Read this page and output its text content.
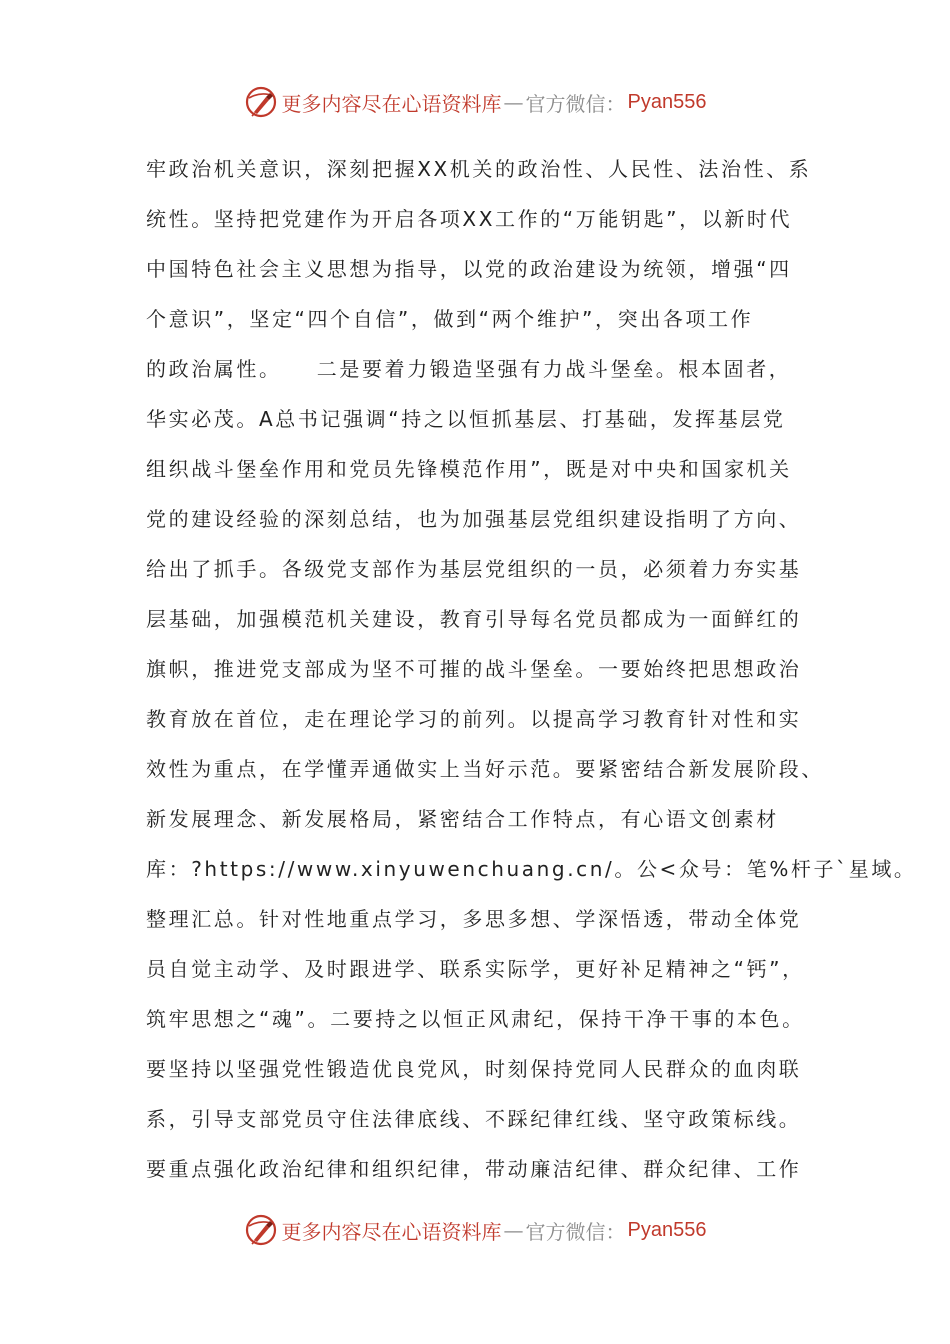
更多内容尽在心语资料库 — 官方微信： Pyan556
牢政治机关意识，深刻把握XX机关的政治性、人民性、法治性、系
统性。坚持把党建作为开启各项XX工作的“万能钥匙”，以新时代
中国特色社会主义思想为指导，以党的政治建设为统领，增强“四
个意识”，坚定“四个自信”，做到“两个维护”，突出各项工作
的政治属性。　　二是要着力锻造坚强有力战斗堡垒。根本固者，
华实必茂。A总书记强调“持之以恒抓基层、打基础，发挥基层党
组织战斗堡垒作用和党员先锋模范作用”，既是对中央和国家机关
党的建设经验的深刻总结，也为加强基层党组织建设指明了方向、
给出了抓手。各级党支部作为基层党组织的一员，必须着力夯实基
层基础，加强模范机关建设，教育引导每名党员都成为一面鲜红的
旗帜，推进党支部成为坚不可摧的战斗堡垒。一要始终把思想政治
教育放在首位，走在理论学习的前列。以提高学习教育针对性和实
效性为重点，在学懂弄通做实上当好示范。要紧密结合新发展阶段、
新发展理念、新发展格局，紧密结合工作特点，有心语文创素材
库：?https://www.xinyuwenchuang.cn/。公<众号：笔%杆子`星域。
整理汇总。针对性地重点学习，多思多想、学深悟透，带动全体党
员自觉主动学、及时跟进学、联系实际学，更好补足精神之“钙”，
筑牢思想之“魂”。二要持之以恒正风肃纪，保持干净干事的本色。
要坚持以坚强党性锻造优良党风，时刻保持党同人民群众的血肉联
系，引导支部党员守住法律底线、不踩纪律红线、坚守政策标线。
要重点强化政治纪律和组织纪律，带动廉洁纪律、群众纪律、工作
更多内容尽在心语资料库 — 官方微信： Pyan556
